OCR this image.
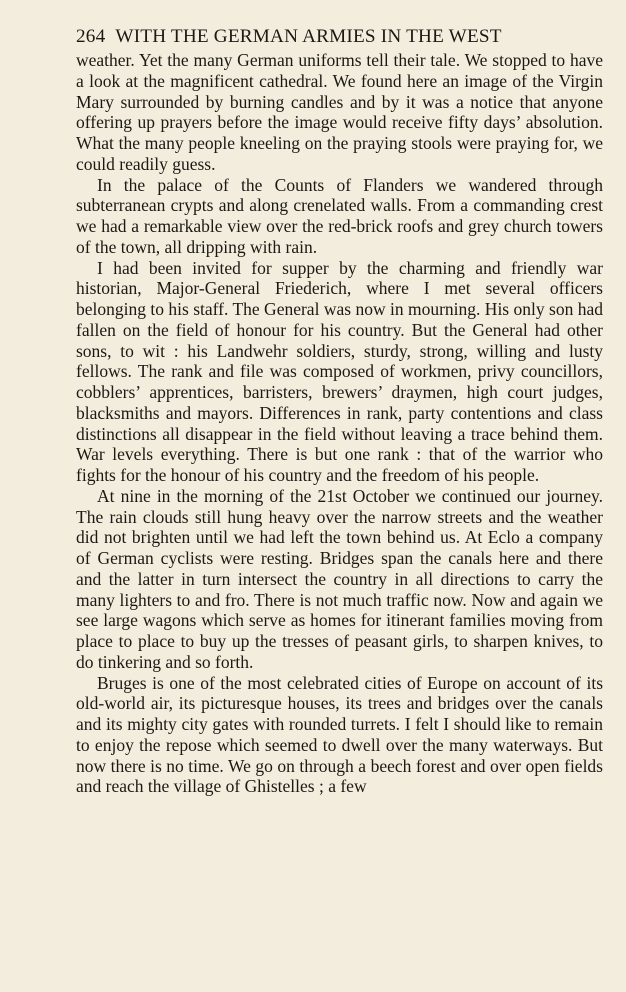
264 WITH THE GERMAN ARMIES IN THE WEST

weather. Yet the many German uniforms tell their tale. We stopped to have a look at the magnificent cathedral. We found here an image of the Virgin Mary surrounded by burning candles and by it was a notice that anyone offering up prayers before the image would receive fifty days’ absolution. What the many people kneeling on the praying stools were praying for, we could readily guess.

In the palace of the Counts of Flanders we wandered through subterranean crypts and along crenelated walls. From a commanding crest we had a remarkable view over the red-brick roofs and grey church towers of the town, all dripping with rain.

I had been invited for supper by the charming and friendly war historian, Major-General Friederich, where I met several officers belonging to his staff. The General was now in mourning. His only son had fallen on the field of honour for his country. But the General had other sons, to wit : his Landwehr soldiers, sturdy, strong, willing and lusty fellows. The rank and file was composed of workmen, privy councillors, cobblers’ apprentices, barristers, brewers’ draymen, high court judges, blacksmiths and mayors. Differences in rank, party contentions and class distinctions all disappear in the field without leaving a trace behind them. War levels everything. There is but one rank : that of the warrior who fights for the honour of his country and the freedom of his people.

At nine in the morning of the 21st October we continued our journey. The rain clouds still hung heavy over the narrow streets and the weather did not brighten until we had left the town behind us. At Eclo a company of German cyclists were resting. Bridges span the canals here and there and the latter in turn intersect the country in all directions to carry the many lighters to and fro. There is not much traffic now. Now and again we see large wagons which serve as homes for itinerant families moving from place to place to buy up the tresses of peasant girls, to sharpen knives, to do tinkering and so forth.

Bruges is one of the most celebrated cities of Europe on account of its old-world air, its picturesque houses, its trees and bridges over the canals and its mighty city gates with rounded turrets. I felt I should like to remain to enjoy the repose which seemed to dwell over the many waterways. But now there is no time. We go on through a beech forest and over open fields and reach the village of Ghistelles ; a few
